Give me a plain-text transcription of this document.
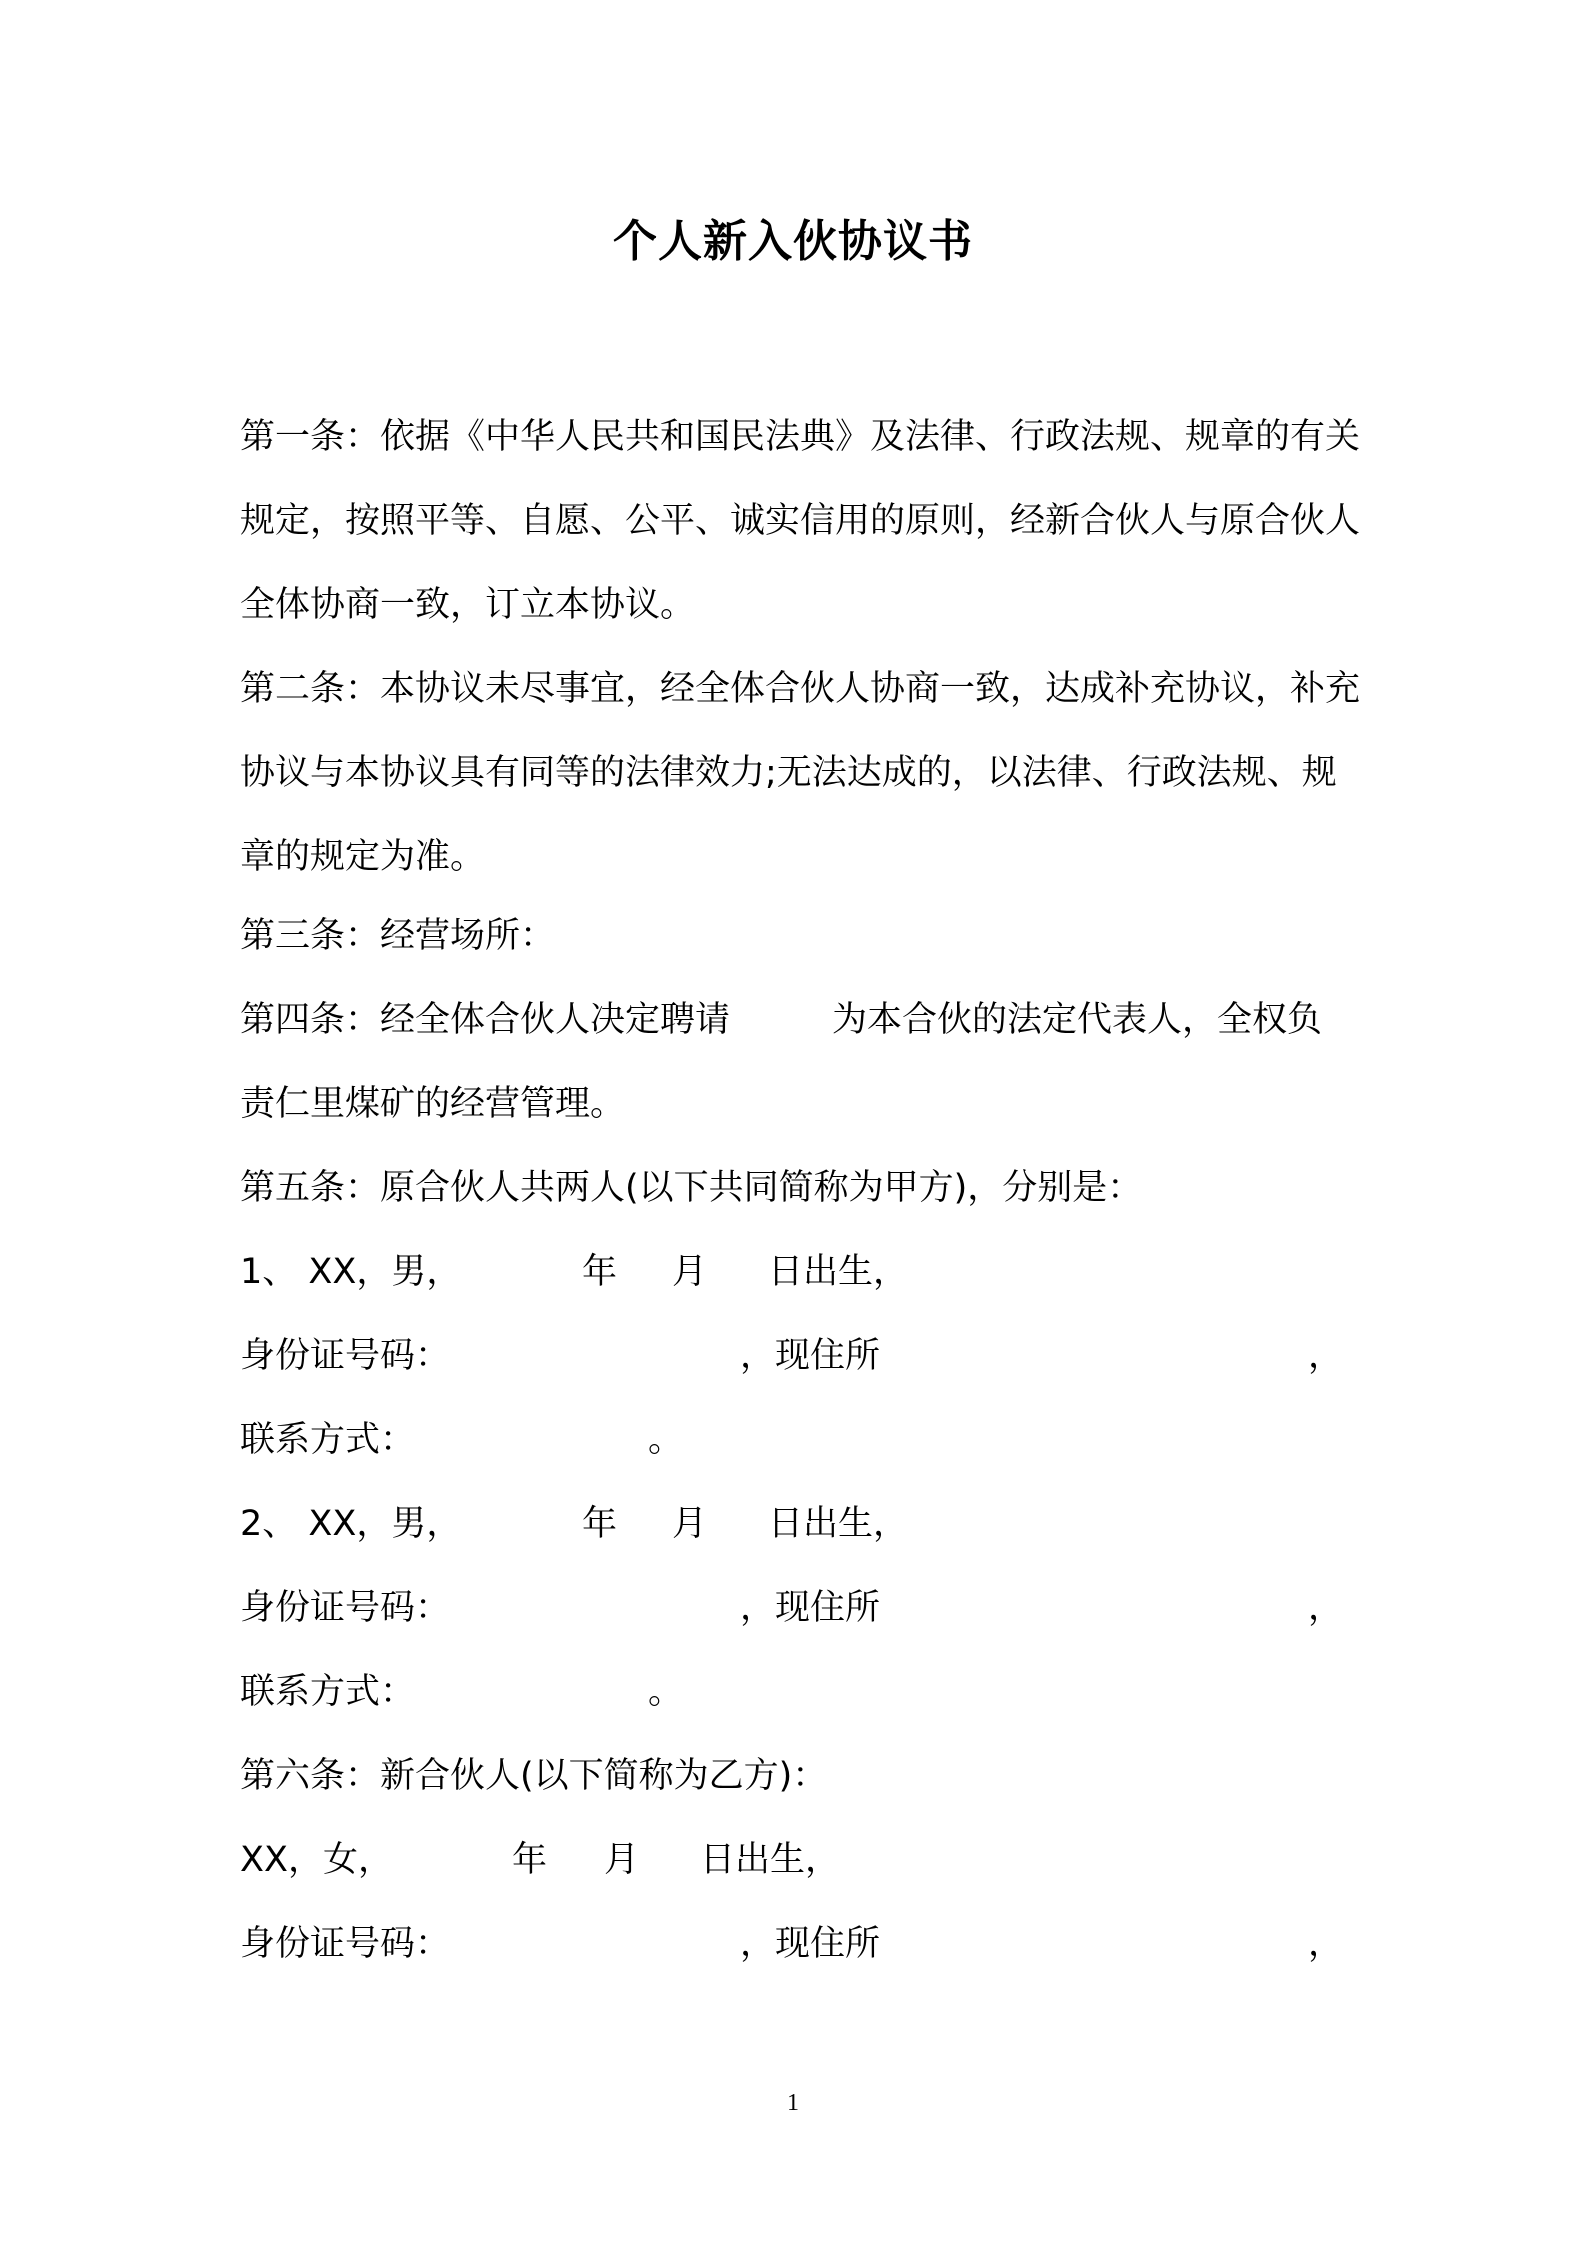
个人新入伙协议书
第一条：依据《中华人民共和国民法典》及法律、行政法规、规章的有关规定，按照平等、自愿、公平、诚实信用的原则，经新合伙人与原合伙人全体协商一致，订立本协议。
第二条：本协议未尽事宜，经全体合伙人协商一致，达成补充协议，补充协议与本协议具有同等的法律效力;无法达成的，以法律、行政法规、规章的规定为准。
第三条：经营场所：

第四条：经全体合伙人决定聘请

	为本合伙的法定代表人，全权负

责仁里煤矿的经营管理。
第五条：原合伙人共两人(以下共同简称为甲方)，分别是：

1、 XX，男，

	年

月

日出生，

身份证号码：

	，现住所

	，

联系方式：

	。

2、 XX，男，

	年

月

日出生，

身份证号码：

	，现住所

	，

联系方式：

	。

第六条：新合伙人(以下简称为乙方)：

XX，女，

	年

月

日出生，

身份证号码：

	，现住所

	，

1
